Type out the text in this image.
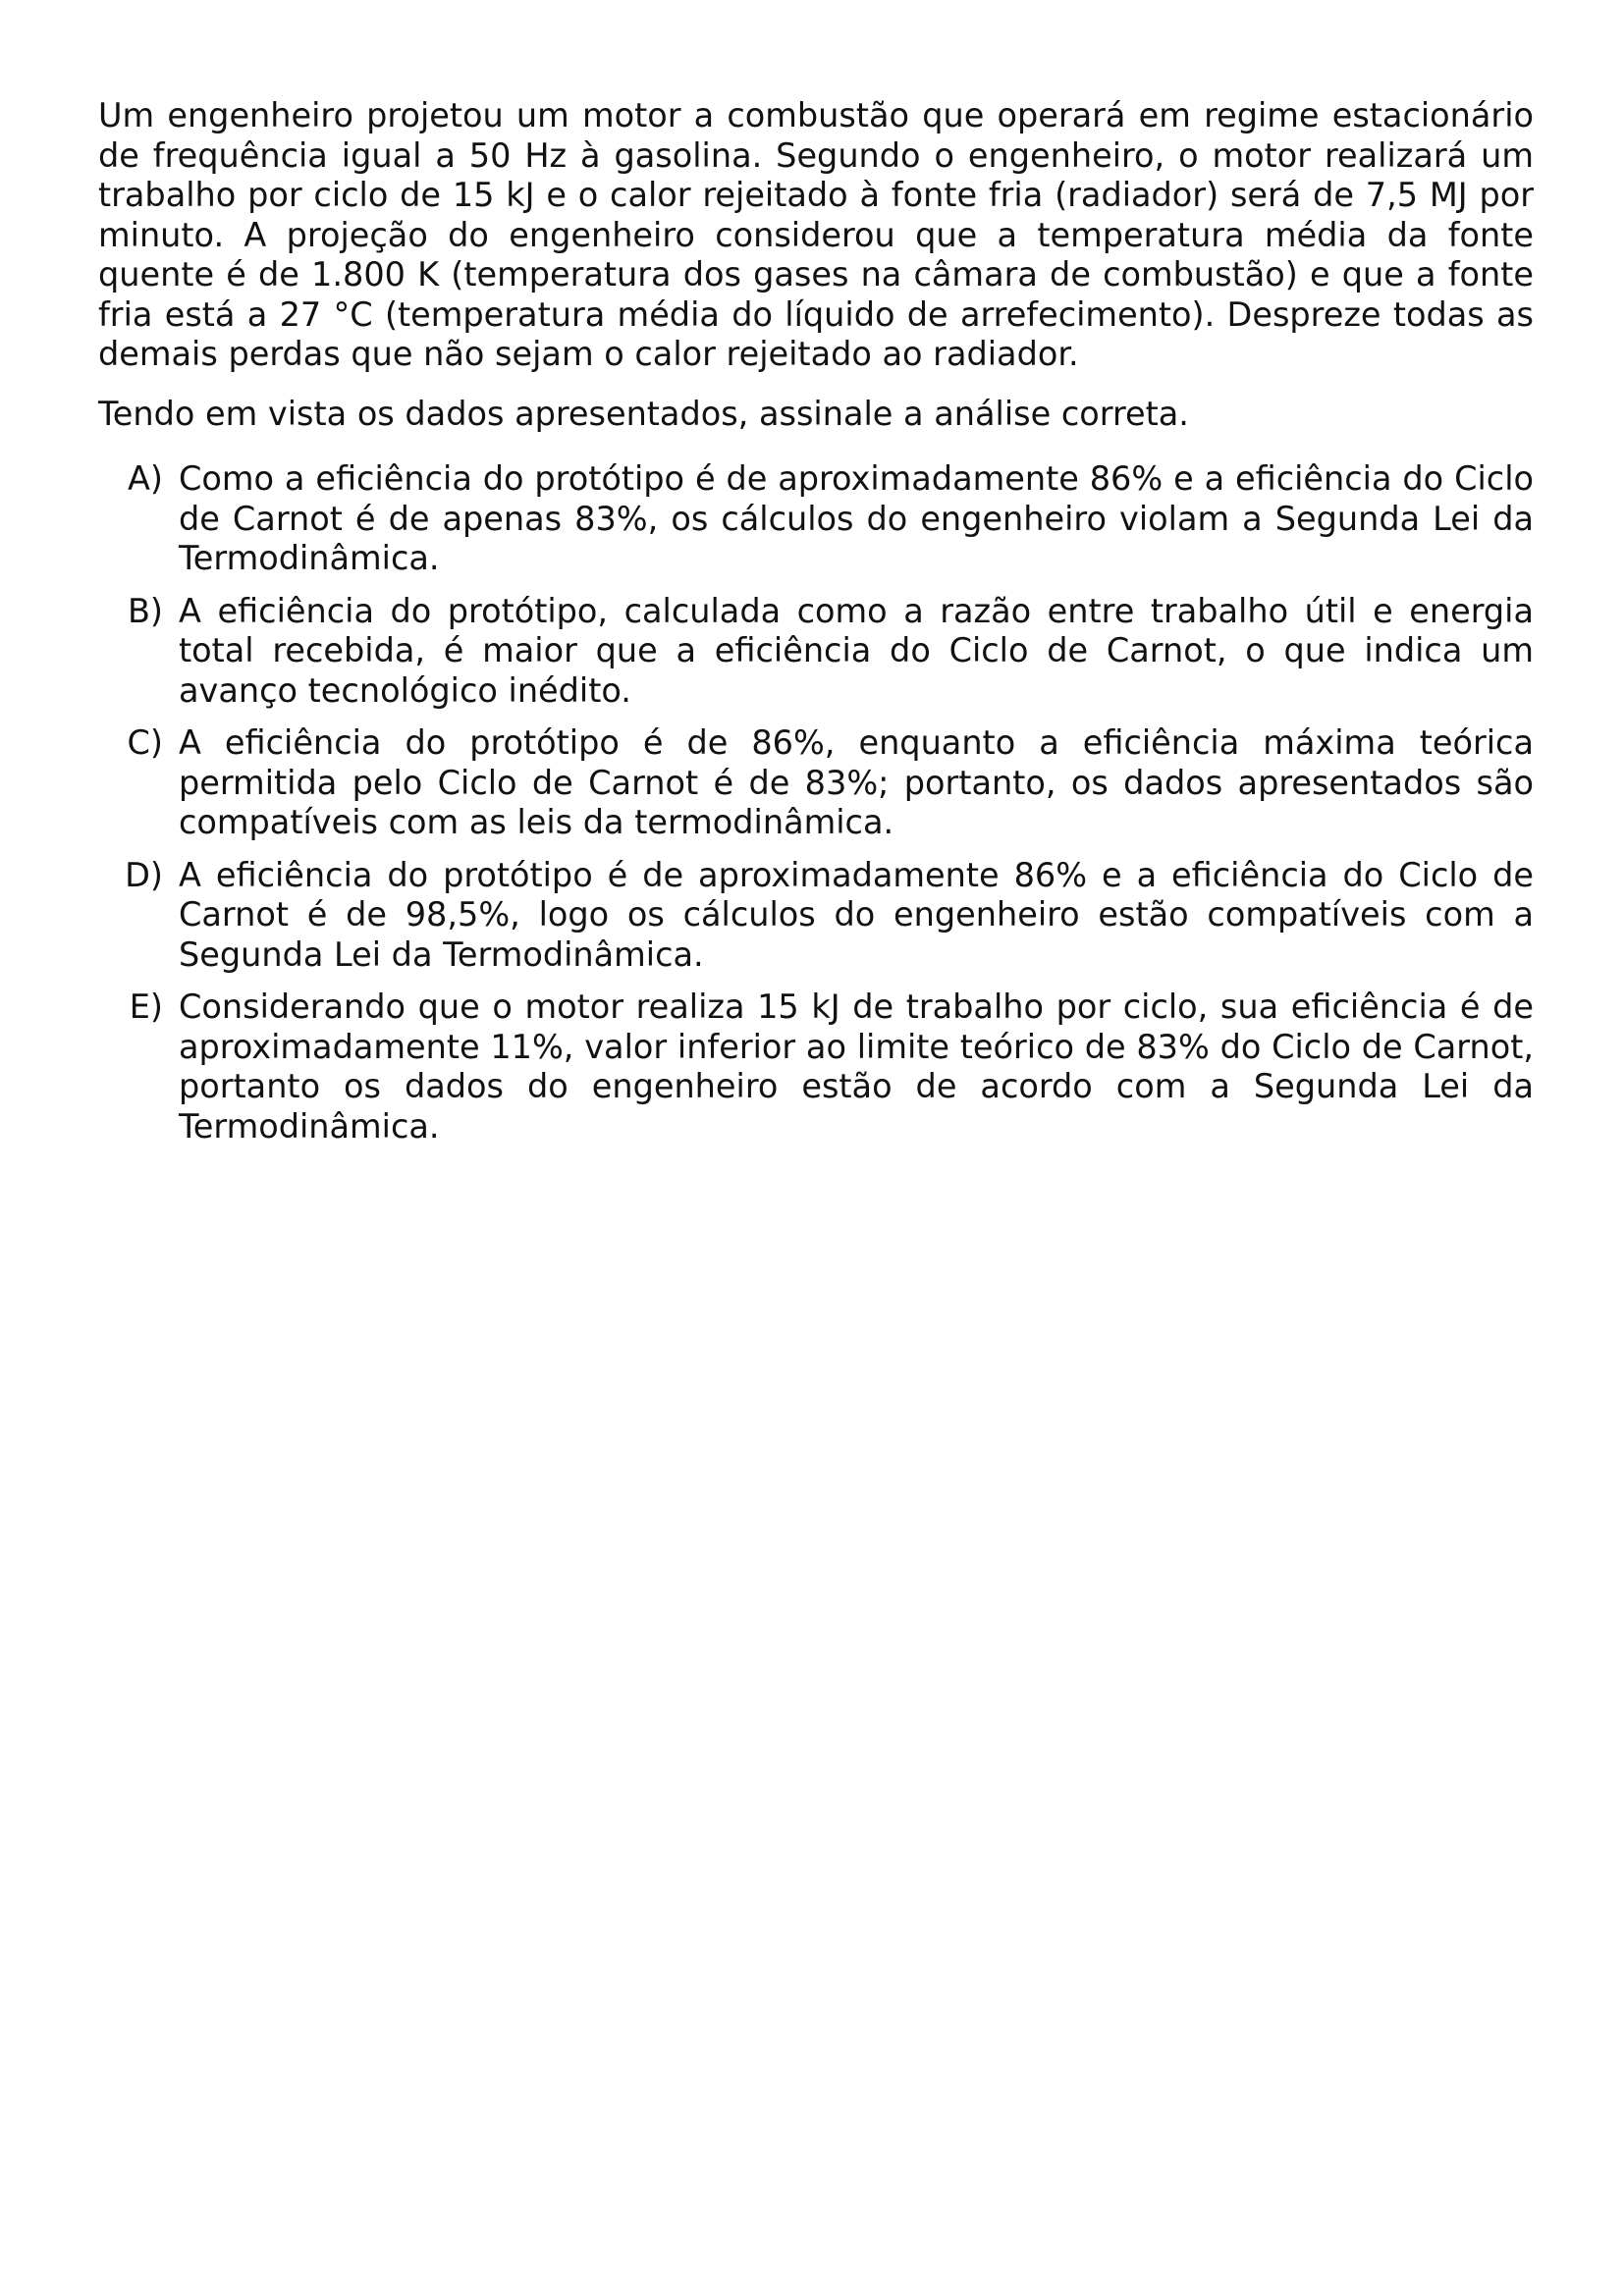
Um engenheiro projetou um motor a combustão que operará em regime estacionário de frequência igual a 50 Hz à gasolina. Segundo o engenheiro, o motor realizará um trabalho por ciclo de 15 kJ e o calor rejeitado à fonte fria (radiador) será de 7,5 MJ por minuto. A projeção do engenheiro considerou que a temperatura média da fonte quente é de 1.800 K (temperatura dos gases na câmara de combustão) e que a fonte fria está a 27 °C (temperatura média do líquido de arrefecimento). Despreze todas as demais perdas que não sejam o calor rejeitado ao radiador.

Tendo em vista os dados apresentados, assinale a análise correta.

A) Como a eficiência do protótipo é de aproximadamente 86% e a eficiência do Ciclo de Carnot é de apenas 83%, os cálculos do engenheiro violam a Segunda Lei da Termodinâmica.
B) A eficiência do protótipo, calculada como a razão entre trabalho útil e energia total recebida, é maior que a eficiência do Ciclo de Carnot, o que indica um avanço tecnológico inédito.
C) A eficiência do protótipo é de 86%, enquanto a eficiência máxima teórica permitida pelo Ciclo de Carnot é de 83%; portanto, os dados apresentados são compatíveis com as leis da termodinâmica.
D) A eficiência do protótipo é de aproximadamente 86% e a eficiência do Ciclo de Carnot é de 98,5%, logo os cálculos do engenheiro estão compatíveis com a Segunda Lei da Termodinâmica.
E) Considerando que o motor realiza 15 kJ de trabalho por ciclo, sua eficiência é de aproximadamente 11%, valor inferior ao limite teórico de 83% do Ciclo de Carnot, portanto os dados do engenheiro estão de acordo com a Segunda Lei da Termodinâmica.
